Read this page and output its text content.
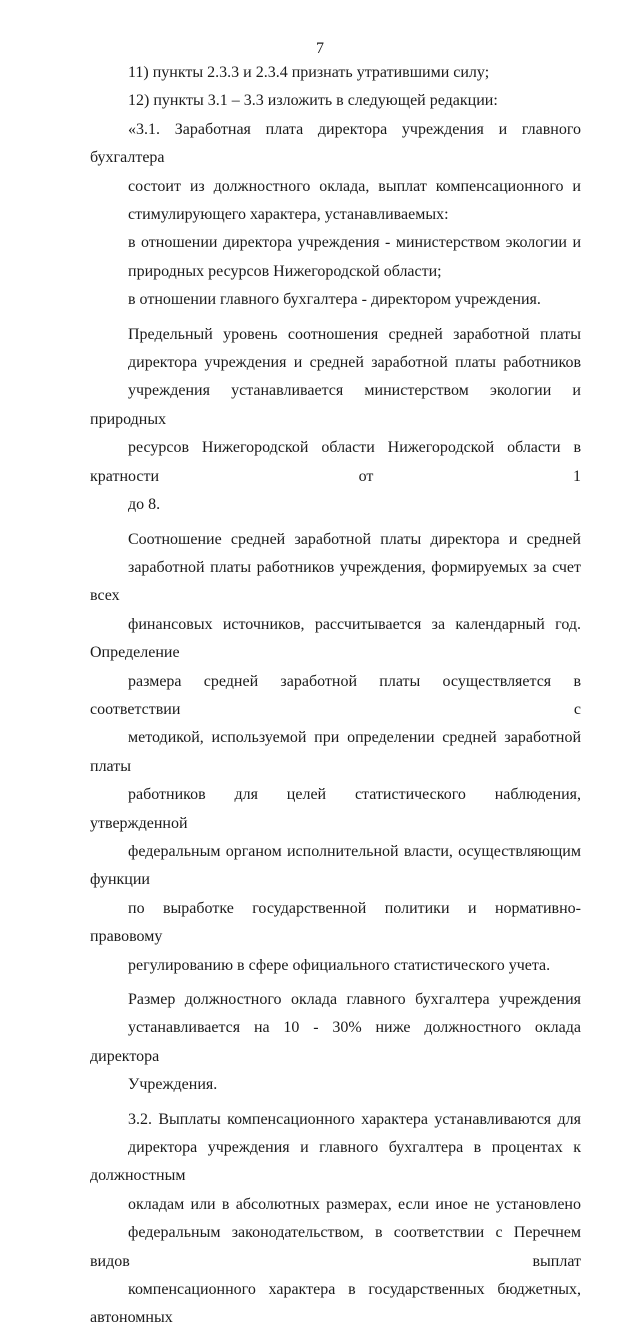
7

11) пункты 2.3.3 и 2.3.4 признать утратившими силу;

12) пункты 3.1 – 3.3 изложить в следующей редакции:

«3.1. Заработная плата директора учреждения и главного бухгалтера
состоит из должностного оклада, выплат компенсационного и
стимулирующего характера, устанавливаемых:

в отношении директора учреждения - министерством экологии и
природных ресурсов Нижегородской области;

в отношении главного бухгалтера - директором учреждения.

Предельный уровень соотношения средней заработной платы
директора учреждения и средней заработной платы работников
учреждения устанавливается министерством экологии и природных
ресурсов Нижегородской области Нижегородской области в кратности от 1
до 8.

Соотношение средней заработной платы директора и средней
заработной платы работников учреждения, формируемых за счет всех
финансовых источников, рассчитывается за календарный год. Определение
размера средней заработной платы осуществляется в соответствии с
методикой, используемой при определении средней заработной платы
работников для целей статистического наблюдения, утвержденной
федеральным органом исполнительной власти, осуществляющим функции
по выработке государственной политики и нормативно-правовому
регулированию в сфере официального статистического учета.

Размер должностного оклада главного бухгалтера учреждения
устанавливается на 10 - 30% ниже должностного оклада директора
Учреждения.

3.2. Выплаты компенсационного характера устанавливаются для
директора учреждения и главного бухгалтера в процентах к должностным
окладам или в абсолютных размерах, если иное не установлено
федеральным законодательством, в соответствии с Перечнем видов выплат
компенсационного характера в государственных бюджетных, автономных
